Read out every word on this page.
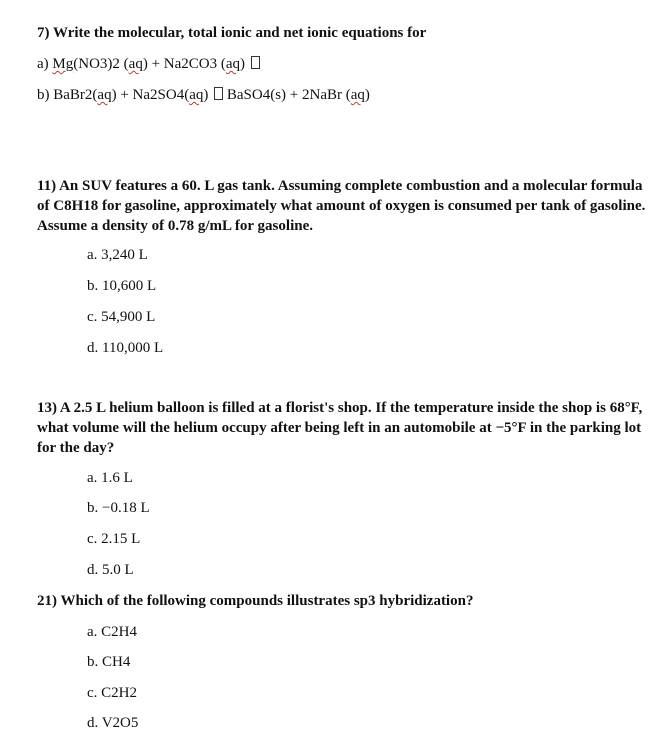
7) Write the molecular, total ionic and net ionic equations for
a) Mg(NO3)2 (aq) + Na2CO3 (aq)
b) BaBr2(aq) + Na2SO4(aq)  BaSO4(s) + 2NaBr (aq)
11) An SUV features a 60. L gas tank. Assuming complete combustion and a molecular formula of C8H18 for gasoline, approximately what amount of oxygen is consumed per tank of gasoline. Assume a density of 0.78 g/mL for gasoline.
a. 3,240 L
b. 10,600 L
c. 54,900 L
d. 110,000 L
13) A 2.5 L helium balloon is filled at a florist's shop. If the temperature inside the shop is 68°F, what volume will the helium occupy after being left in an automobile at −5°F in the parking lot for the day?
a. 1.6 L
b. −0.18 L
c. 2.15 L
d. 5.0 L
21) Which of the following compounds illustrates sp3 hybridization?
a. C2H4
b. CH4
c. C2H2
d. V2O5
